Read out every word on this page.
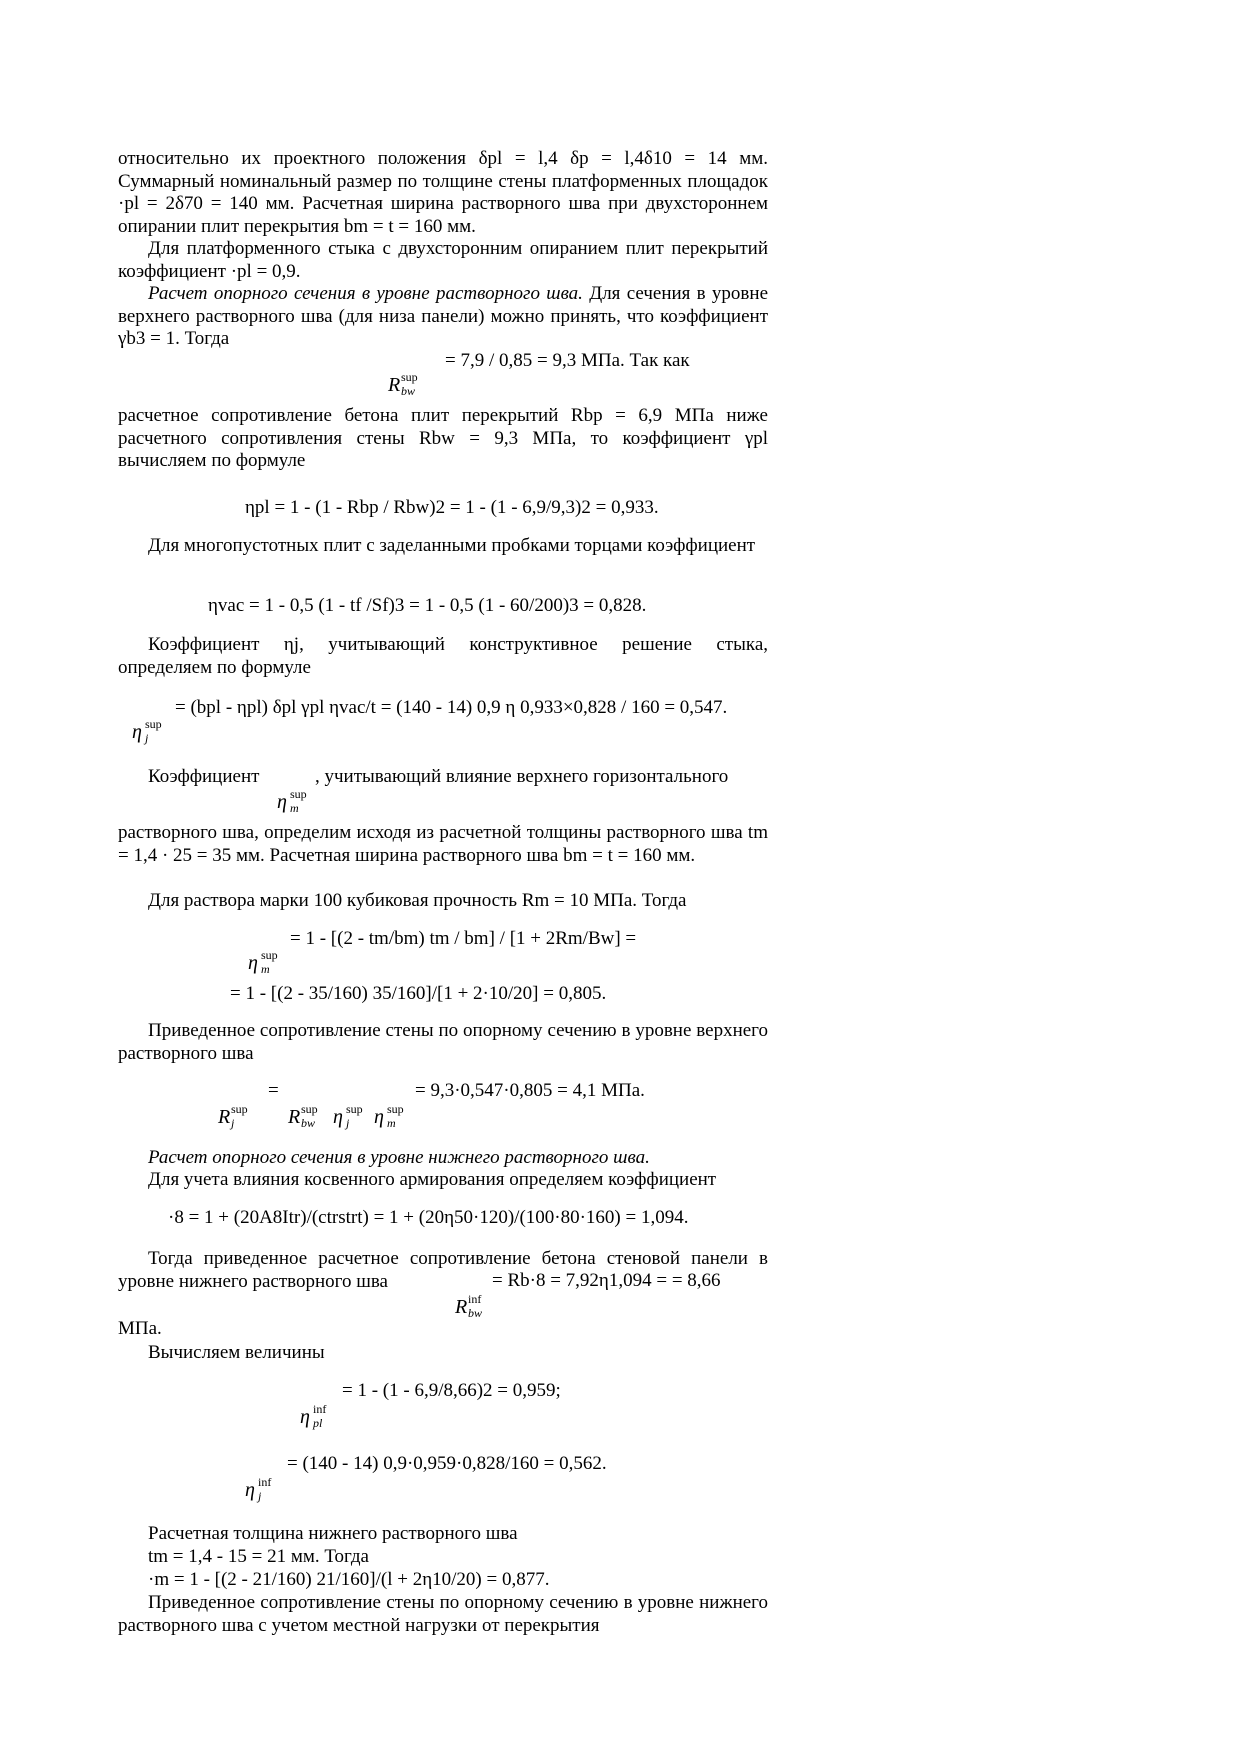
относительно их проектного положения δpl = l,4 δp = l,4δ10 = 14 мм. Суммарный номинальный размер по толщине стены платформенных площадок ·pl = 2δ70 = 140 мм. Расчетная ширина растворного шва при двухстороннем опирании плит перекрытия bm = t = 160 мм.
Для платформенного стыка с двухсторонним опиранием плит перекрытий коэффициент ·pl = 0,9.
Расчет опорного сечения в уровне растворного шва. Для сечения в уровне верхнего растворного шва (для низа панели) можно принять, что коэффициент γb3 = 1. Тогда
= 7,9 / 0,85 = 9,3 МПа. Так как
R sup
bw
расчетное сопротивление бетона плит перекрытий Rbp = 6,9 МПа ниже расчетного сопротивления стены Rbw = 9,3 МПа, то коэффициент γpl вычисляем по формуле
ηpl = 1 - (1 - Rbp / Rbw)2 = 1 - (1 - 6,9/9,3)2 = 0,933.
Для многопустотных плит с заделанными пробками торцами коэффициент
ηvac = 1 - 0,5 (1 - tf /Sf)3 = 1 - 0,5 (1 - 60/200)3 = 0,828.
Коэффициент ηj, учитывающий конструктивное решение стыка, определяем по формуле
= (bpl - ηpl) δpl γpl ηvac/t = (140 - 14) 0,9 η 0,933×0,828 / 160 = 0,547.
η sup
j
Коэффициент	, учитывающий влияние верхнего горизонтального
η sup
m
растворного шва, определим исходя из расчетной толщины растворного шва tm = 1,4 · 25 = 35 мм. Расчетная ширина растворного шва bm = t = 160 мм.
Для раствора марки 100 кубиковая прочность Rm = 10 МПа. Тогда
= 1 - [(2 - tm/bm) tm / bm] / [1 + 2Rm/Bw] =
η sup
m
= 1 - [(2 - 35/160) 35/160]/[1 + 2·10/20] = 0,805.
Приведенное сопротивление стены по опорному сечению в уровне верхнего растворного шва
=	= 9,3·0,547·0,805 = 4,1 МПа.
R sup
j	R sup
bw η sup
j η sup
m
Расчет опорного сечения в уровне нижнего растворного шва.
Для учета влияния косвенного армирования определяем коэффициент
·8 = 1 + (20A8Itr)/(ctrstrt) = 1 + (20η50·120)/(100·80·160) = 1,094.
Тогда приведенное расчетное сопротивление бетона стеновой панели в уровне нижнего растворного шва	= Rb·8 = 7,92η1,094 = = 8,66
R inf
bw
МПа.
Вычисляем величины
= 1 - (1 - 6,9/8,66)2 = 0,959;
η inf
pl
= (140 - 14) 0,9·0,959·0,828/160 = 0,562.
η inf
j
Расчетная толщина нижнего растворного шва
tm = 1,4 - 15 = 21 мм. Тогда
·m = 1 - [(2 - 21/160) 21/160]/(l + 2η10/20) = 0,877.
Приведенное сопротивление стены по опорному сечению в уровне нижнего растворного шва с учетом местной нагрузки от перекрытия
